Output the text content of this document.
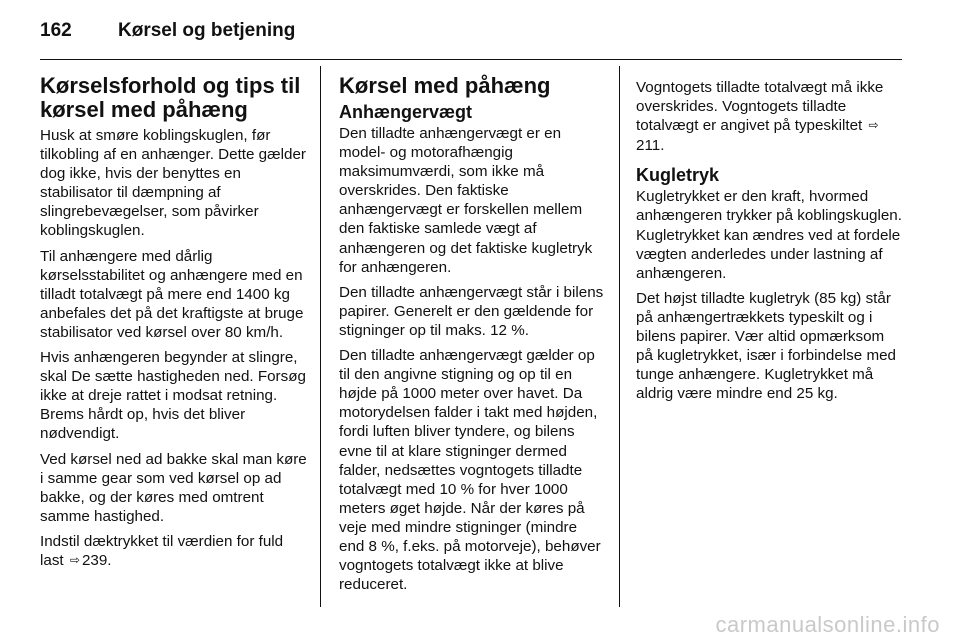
162 Kørsel og betjening
Kørselsforhold og tips til kørsel med påhæng

Husk at smøre koblingskuglen, før tilkobling af en anhænger. Dette gælder dog ikke, hvis der benyttes en stabilisator til dæmpning af slingrebevægelser, som påvirker koblingskuglen.

Til anhængere med dårlig kørselsstabilitet og anhængere med en tilladt totalvægt på mere end 1400 kg anbefales det på det kraftigste at bruge stabilisator ved kørsel over 80 km/h.

Hvis anhængeren begynder at slingre, skal De sætte hastigheden ned. Forsøg ikke at dreje rattet i modsat retning. Brems hårdt op, hvis det bliver nødvendigt.

Ved kørsel ned ad bakke skal man køre i samme gear som ved kørsel op ad bakke, og der køres med omtrent samme hastighed.

Indstil dæktrykket til værdien for fuld last ⇨ 239.

Kørsel med påhæng
Anhængervægt

Den tilladte anhængervægt er en model- og motorafhængig maksimumværdi, som ikke må overskrides. Den faktiske anhængervægt er forskellen mellem den faktiske samlede vægt af anhængeren og det faktiske kugletryk for anhængeren.

Den tilladte anhængervægt står i bilens papirer. Generelt er den gældende for stigninger op til maks. 12 %.

Den tilladte anhængervægt gælder op til den angivne stigning og op til en højde på 1000 meter over havet. Da motorydelsen falder i takt med højden, fordi luften bliver tyndere, og bilens evne til at klare stigninger dermed falder, nedsættes vogntogets tilladte totalvægt med 10 % for hver 1000 meters øget højde. Når der køres på veje med mindre stigninger (mindre end 8 %, f.eks. på motorveje), behøver vogntogets totalvægt ikke at blive reduceret.

Vogntogets tilladte totalvægt må ikke overskrides. Vogntogets tilladte totalvægt er angivet på typeskiltet ⇨211.

Kugletryk

Kugletrykket er den kraft, hvormed anhængeren trykker på koblingskuglen. Kugletrykket kan ændres ved at fordele vægten anderledes under lastning af anhængeren.

Det højst tilladte kugletryk (85 kg) står på anhængertrækkets typeskilt og i bilens papirer. Vær altid opmærksom på kugletrykket, især i forbindelse med tunge anhængere. Kugletrykket må aldrig være mindre end 25 kg.

carmanualsonline.info
